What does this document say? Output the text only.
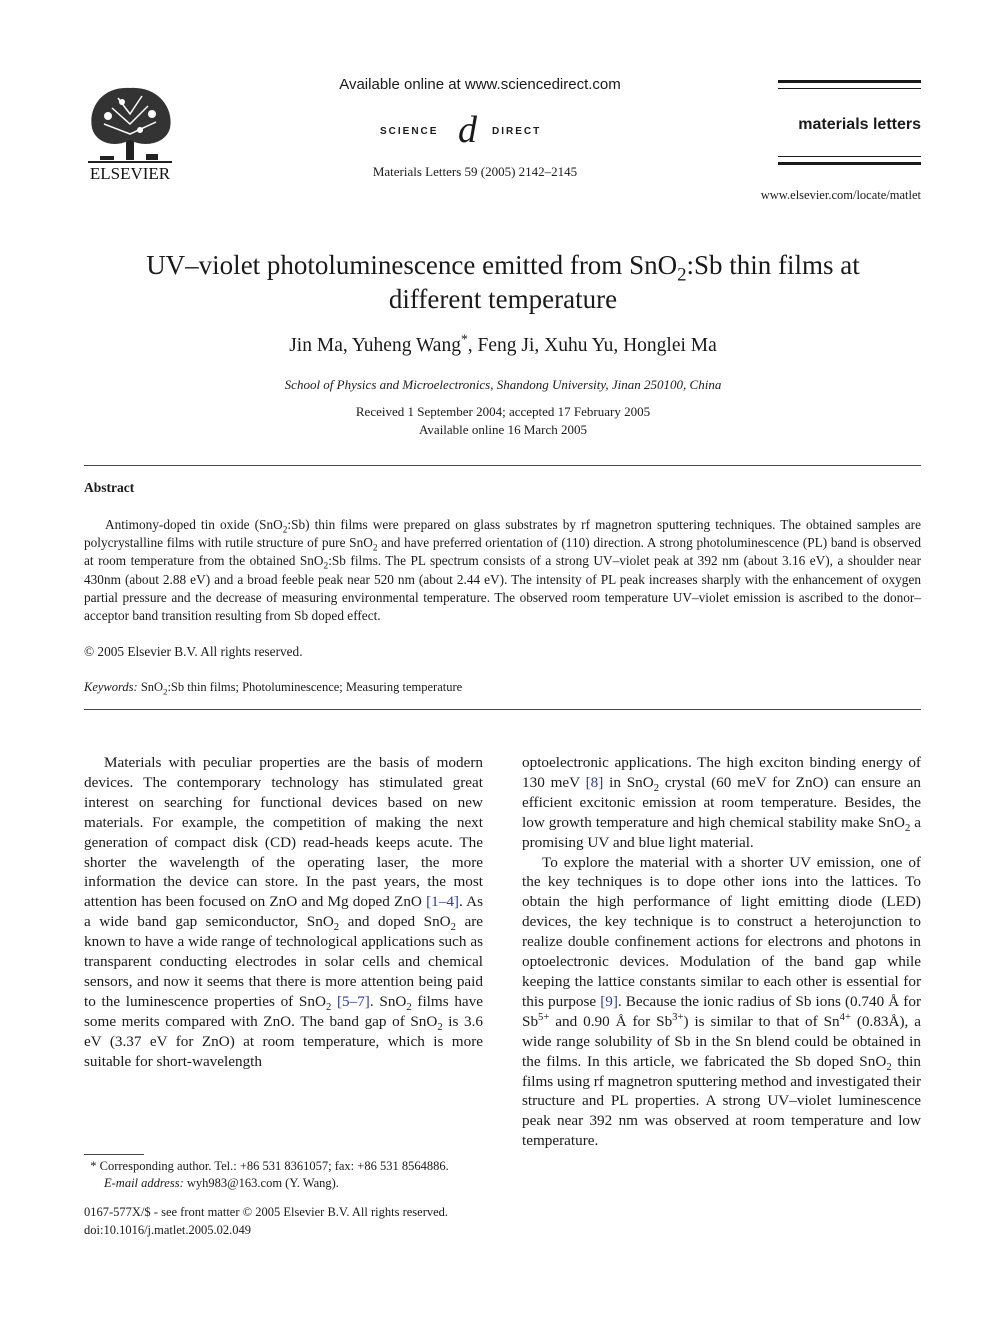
ELSEVIER
Available online at www.sciencedirect.com
SCIENCE d DIRECT
Materials Letters 59 (2005) 2142–2145
materials letters
www.elsevier.com/locate/matlet
UV–violet photoluminescence emitted from SnO$_2$:Sb thin films at
different temperature
Jin Ma, Yuheng Wang*, Feng Ji, Xuhu Yu, Honglei Ma
School of Physics and Microelectronics, Shandong University, Jinan 250100, China
Received 1 September 2004; accepted 17 February 2005
Available online 16 March 2005
Abstract
Antimony-doped tin oxide (SnO$_2$:Sb) thin films were prepared on glass substrates by rf magnetron sputtering techniques. The obtained samples are polycrystalline films with rutile structure of pure SnO$_2$ and have preferred orientation of (110) direction. A strong photoluminescence (PL) band is observed at room temperature from the obtained SnO$_2$:Sb films. The PL spectrum consists of a strong UV–violet peak at 392 nm (about 3.16 eV), a shoulder near 430nm (about 2.88 eV) and a broad feeble peak near 520 nm (about 2.44 eV). The intensity of PL peak increases sharply with the enhancement of oxygen partial pressure and the decrease of measuring environmental temperature. The observed room temperature UV–violet emission is ascribed to the donor–acceptor band transition resulting from Sb doped effect.
© 2005 Elsevier B.V. All rights reserved.
Keywords: SnO$_2$:Sb thin films; Photoluminescence; Measuring temperature

Materials with peculiar properties are the basis of modern devices. The contemporary technology has stimulated great interest on searching for functional devices based on new materials. For example, the competition of making the next generation of compact disk (CD) read-heads keeps acute. The shorter the wavelength of the operating laser, the more information the device can store. In the past years, the most attention has been focused on ZnO and Mg doped ZnO [1–4]. As a wide band gap semiconductor, SnO$_2$ and doped SnO$_2$ are known to have a wide range of technological applications such as transparent conducting electrodes in solar cells and chemical sensors, and now it seems that there is more attention being paid to the luminescence properties of SnO$_2$ [5–7]. SnO$_2$ films have some merits compared with ZnO. The band gap of SnO$_2$ is 3.6 eV (3.37 eV for ZnO) at room temperature, which is more suitable for short-wavelength

optoelectronic applications. The high exciton binding energy of 130 meV [8] in SnO$_2$ crystal (60 meV for ZnO) can ensure an efficient excitonic emission at room temperature. Besides, the low growth temperature and high chemical stability make SnO$_2$ a promising UV and blue light material.

To explore the material with a shorter UV emission, one of the key techniques is to dope other ions into the lattices. To obtain the high performance of light emitting diode (LED) devices, the key technique is to construct a heterojunction to realize double confinement actions for electrons and photons in optoelectronic devices. Modulation of the band gap while keeping the lattice constants similar to each other is essential for this purpose [9]. Because the ionic radius of Sb ions (0.740 Å for $Sb^{5+}$ and 0.90 Å for $Sb^{3+}$) is similar to that of $Sn^{4+}$ (0.83Å), a wide range solubility of Sb in the Sn blend could be obtained in the films. In this article, we fabricated the Sb doped SnO$_2$ thin films using rf magnetron sputtering method and investigated their structure and PL properties. A strong UV–violet luminescence peak near 392 nm was observed at room temperature and low temperature.

* Corresponding author. Tel.: +86 531 8361057; fax: +86 531 8564886.
E-mail address: wyh983@163.com (Y. Wang).
0167-577X/$ - see front matter © 2005 Elsevier B.V. All rights reserved.
doi:10.1016/j.matlet.2005.02.049
